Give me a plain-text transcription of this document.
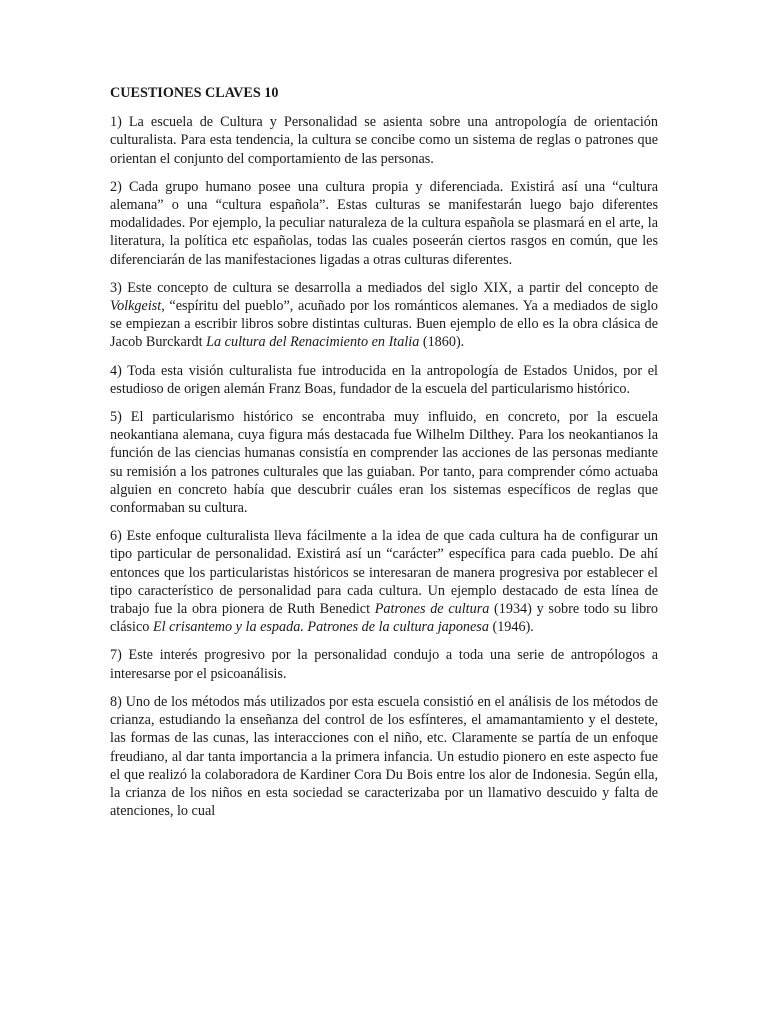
CUESTIONES CLAVES 10

1) La escuela de Cultura y Personalidad se asienta sobre una antropología de orientación culturalista. Para esta tendencia, la cultura se concibe como un sistema de reglas o patrones que orientan el conjunto del comportamiento de las personas.

2) Cada grupo humano posee una cultura propia y diferenciada. Existirá así una “cultura alemana” o una “cultura española”. Estas culturas se manifestarán luego bajo diferentes modalidades. Por ejemplo, la peculiar naturaleza de la cultura española se plasmará en el arte, la literatura, la política etc españolas, todas las cuales poseerán ciertos rasgos en común, que les diferenciarán de las manifestaciones ligadas a otras culturas diferentes.

3) Este concepto de cultura se desarrolla a mediados del siglo XIX, a partir del concepto de Volkgeist, “espíritu del pueblo”, acuñado por los románticos alemanes. Ya a mediados de siglo se empiezan a escribir libros sobre distintas culturas. Buen ejemplo de ello es la obra clásica de Jacob Burckardt La cultura del Renacimiento en Italia (1860).

4) Toda esta visión culturalista fue introducida en la antropología de Estados Unidos, por el estudioso de origen alemán Franz Boas, fundador de la escuela del particularismo histórico.

5) El particularismo histórico se encontraba muy influido, en concreto, por la escuela neokantiana alemana, cuya figura más destacada fue Wilhelm Dilthey. Para los neokantianos la función de las ciencias humanas consistía en comprender las acciones de las personas mediante su remisión a los patrones culturales que las guiaban. Por tanto, para comprender cómo actuaba alguien en concreto había que descubrir cuáles eran los sistemas específicos de reglas que conformaban su cultura.

6) Este enfoque culturalista lleva fácilmente a la idea de que cada cultura ha de configurar un tipo particular de personalidad. Existirá así un “carácter” específica para cada pueblo. De ahí entonces que los particularistas históricos se interesaran de manera progresiva por establecer el tipo característico de personalidad para cada cultura. Un ejemplo destacado de esta línea de trabajo fue la obra pionera de Ruth Benedict Patrones de cultura (1934) y sobre todo su libro clásico El crisantemo y la espada. Patrones de la cultura japonesa (1946).

7) Este interés progresivo por la personalidad condujo a toda una serie de antropólogos a interesarse por el psicoanálisis.

8) Uno de los métodos más utilizados por esta escuela consistió en el análisis de los métodos de crianza, estudiando la enseñanza del control de los esfínteres, el amamantamiento y el destete, las formas de las cunas, las interacciones con el niño, etc. Claramente se partía de un enfoque freudiano, al dar tanta importancia a la primera infancia. Un estudio pionero en este aspecto fue el que realizó la colaboradora de Kardiner Cora Du Bois entre los alor de Indonesia. Según ella, la crianza de los niños en esta sociedad se caracterizaba por un llamativo descuido y falta de atenciones, lo cual
